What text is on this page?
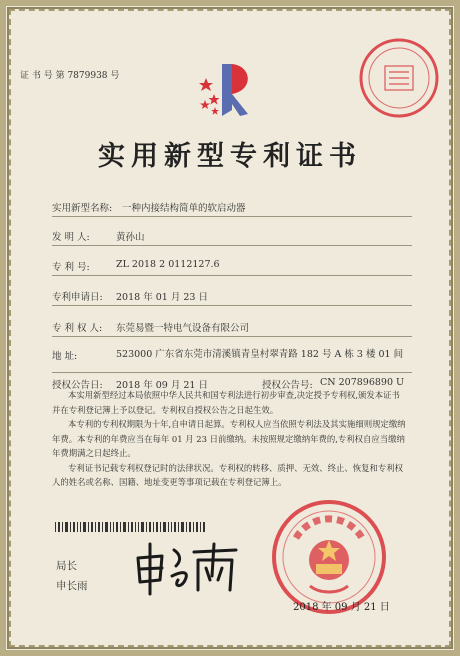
证 书 号 第 7879938 号
实用新型专利证书
实用新型名称: 一种内接结构简单的软启动器
发 明 人:	黄孙山
专 利 号:	ZL 2018 2 0112127.6
专利申请日: 2018 年 01 月 23 日
专 利 权 人: 东莞易暨一特电气设备有限公司
地 址:	523000 广东省东莞市清溪镇青皇村翠青路 182 号 A 栋 3 楼 01 间
授权公告日: 2018 年 09 月 21 日	授权公告号: CN 207896890 U

本实用新型经过本局依照中华人民共和国专利法进行初步审查,决定授予专利权,颁发本证书并在专利登记簿上予以登记。专利权自授权公告之日起生效。

本专利的专利权期限为十年,自申请日起算。专利权人应当依照专利法及其实施细则规定缴纳年费。本专利的年费应当在每年 01 月 23 日前缴纳。未按照规定缴纳年费的,专利权自应当缴纳年费期满之日起终止。

专利证书记载专利权登记时的法律状况。专利权的转移、质押、无效、终止、恢复和专利权人的姓名或名称、国籍、地址变更等事项记载在专利登记簿上。

局长
申长雨
2018 年 09 月 21 日
